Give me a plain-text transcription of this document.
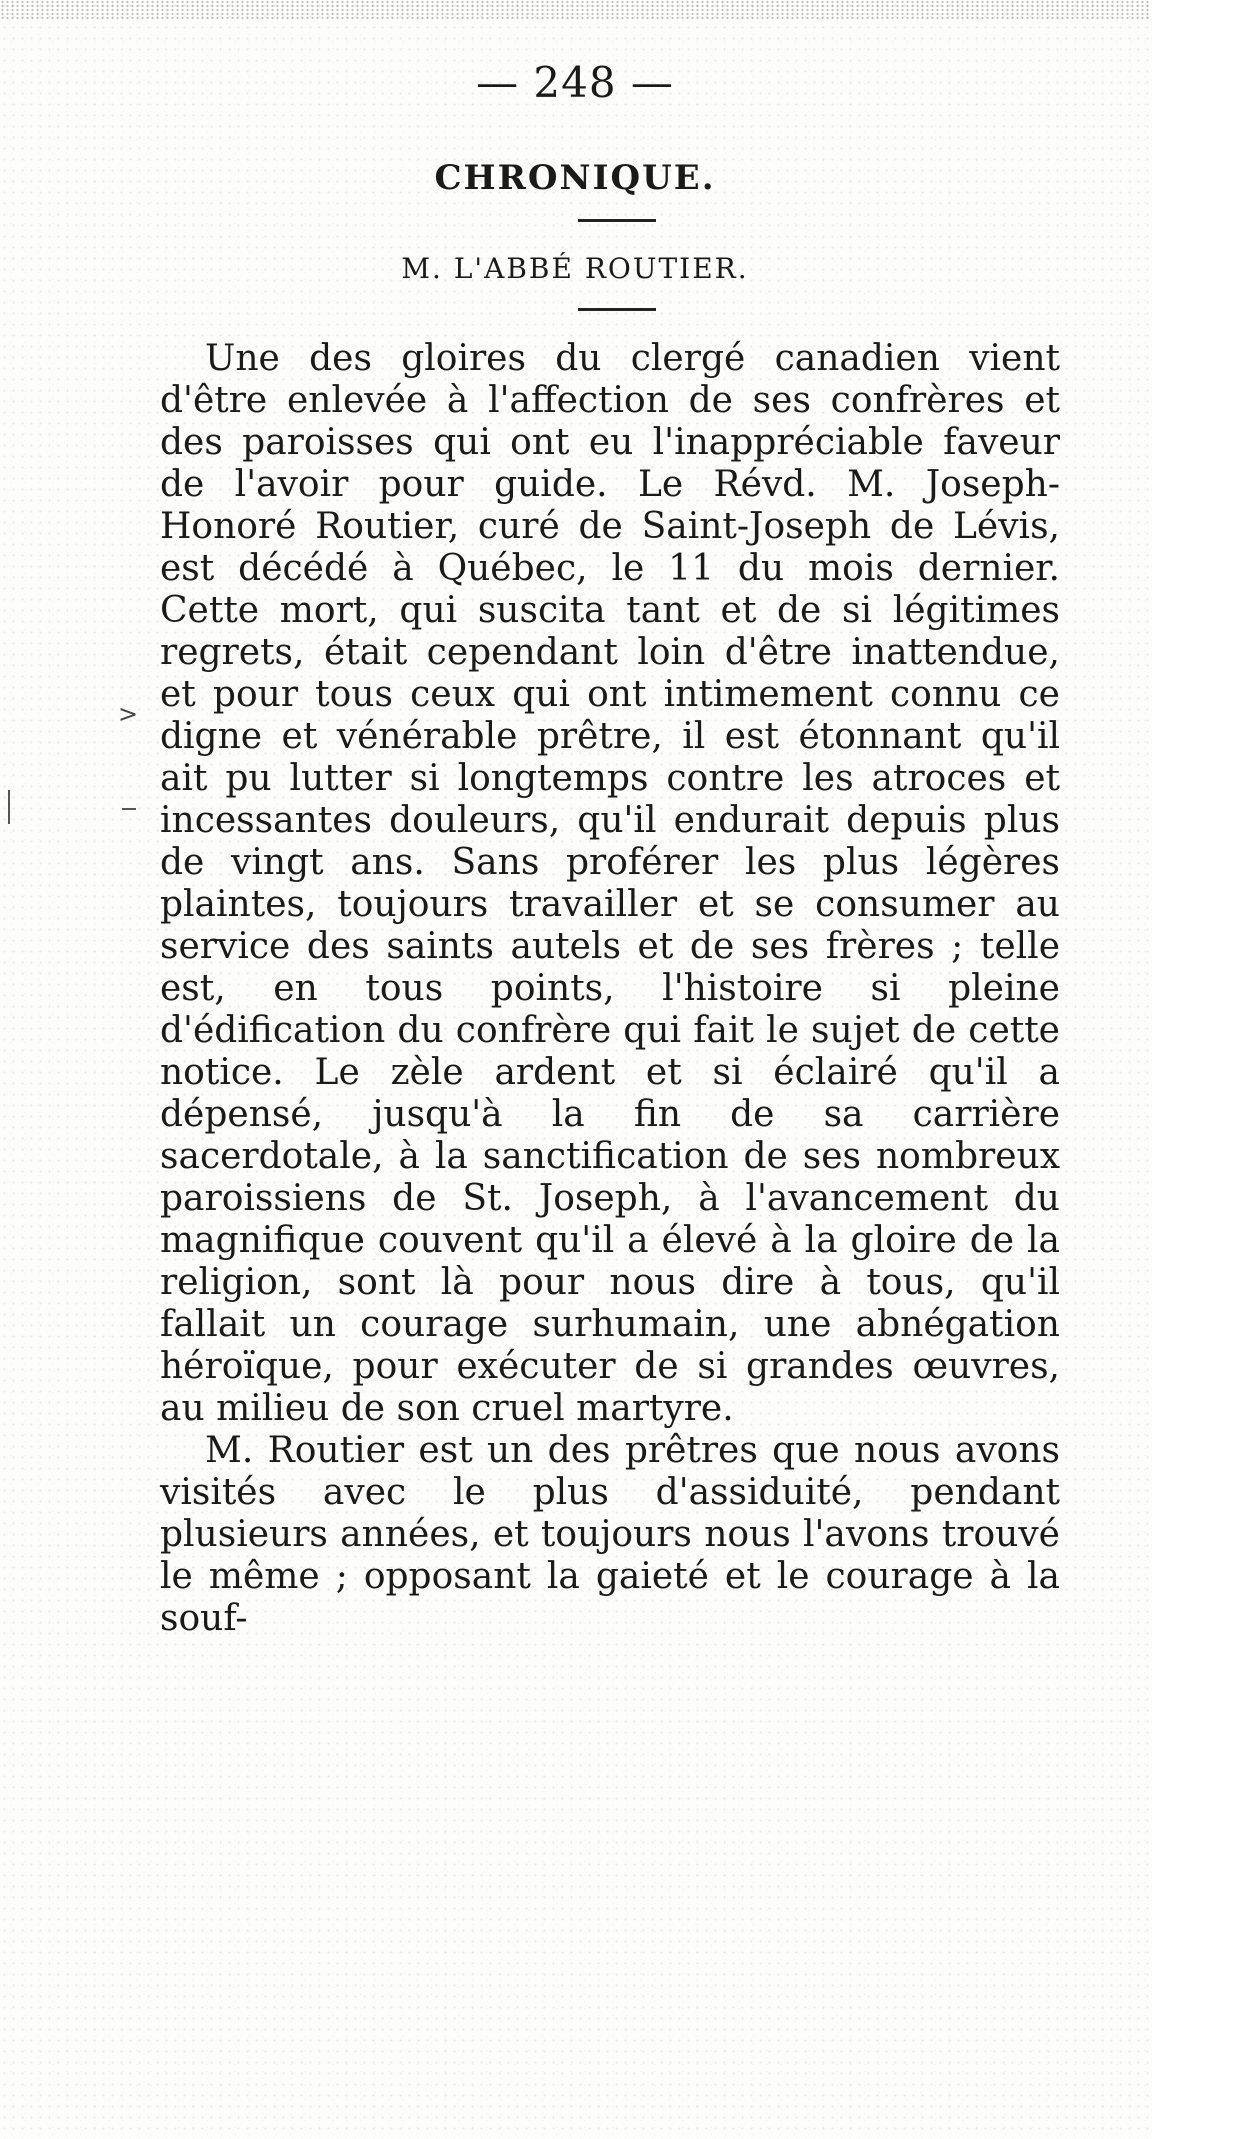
— 248 —
CHRONIQUE.
M. L'ABBÉ ROUTIER.
>

Une des gloires du clergé canadien vient d'être enlevée à l'affection de ses confrères et des paroisses qui ont eu l'inappréciable faveur de l'avoir pour guide. Le Révd. M. Joseph-Honoré Routier, curé de Saint-Joseph de Lévis, est décédé à Québec, le 11 du mois dernier. Cette mort, qui suscita tant et de si légitimes regrets, était cependant loin d'être inattendue, et pour tous ceux qui ont intimement connu ce digne et vénérable prêtre, il est étonnant qu'il ait pu lutter si longtemps contre les atroces et incessantes douleurs, qu'il endurait depuis plus de vingt ans. Sans proférer les plus légères plaintes, toujours travailler et se consumer au service des saints autels et de ses frères ; telle est, en tous points, l'histoire si pleine d'édification du confrère qui fait le sujet de cette notice. Le zèle ardent et si éclairé qu'il a dépensé, jusqu'à la fin de sa carrière sacerdotale, à la sanctification de ses nombreux paroissiens de St. Joseph, à l'avancement du magnifique couvent qu'il a élevé à la gloire de la religion, sont là pour nous dire à tous, qu'il fallait un courage surhumain, une abnégation héroïque, pour exécuter de si grandes œuvres, au milieu de son cruel martyre.

M. Routier est un des prêtres que nous avons visités avec le plus d'assiduité, pendant plusieurs années, et toujours nous l'avons trouvé le même ; opposant la gaieté et le courage à la souf-
